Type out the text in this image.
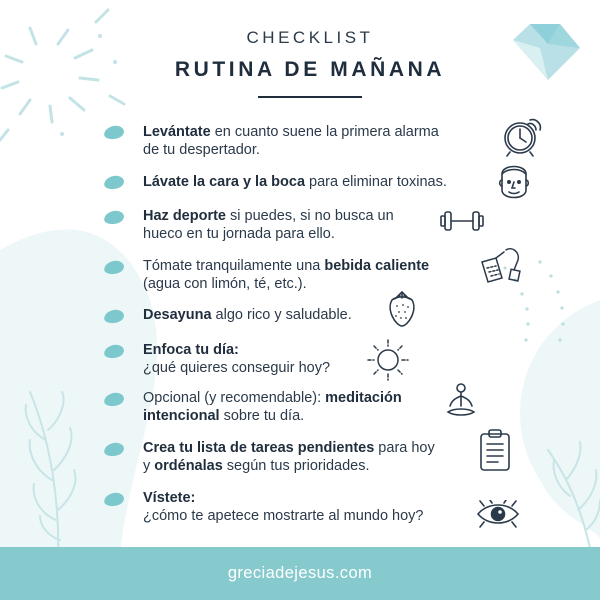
CHECKLIST
RUTINA DE MAÑANA
Levántate en cuanto suene la primera alarma
de tu despertador.
Lávate la cara y la boca para eliminar toxinas.
Haz deporte si puedes, si no busca un
hueco en tu jornada para ello.
Tómate tranquilamente una bebida caliente
(agua con limón, té, etc.).
Desayuna algo rico y saludable.
Enfoca tu día:
¿qué quieres conseguir hoy?
Opcional (y recomendable): meditación
intencional sobre tu día.
Crea tu lista de tareas pendientes para hoy
y ordénalas según tus prioridades.
Vístete:
¿cómo te apetece mostrarte al mundo hoy?
greciadejesus.com
